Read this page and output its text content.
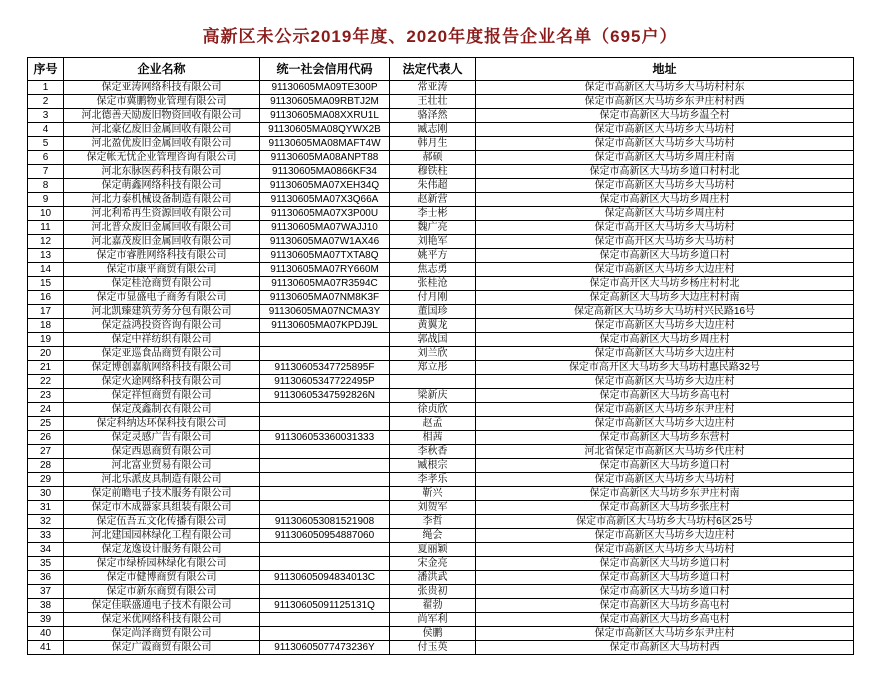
高新区未公示2019年度、2020年度报告企业名单（695户）
序号	企业名称	统一社会信用代码	法定代表人	地址
1	保定亚涛网络科技有限公司	91130605MA09TE300P	常亚涛	保定市高新区大马坊乡大马坊村村东
2	保定市冀鹏物业管理有限公司	91130605MA09RBTJ2M	王壮壮	保定市高新区大马坊乡东尹庄村村西
3	河北德善天励废旧物资回收有限公司	91130605MA08XXRU1L	骆泽然	保定市高新区大马坊乡温仝村
4	河北豪亿废旧金属回收有限公司	91130605MA08QYWX2B	臧志刚	保定市高新区大马坊乡大马坊村
5	河北盈优废旧金属回收有限公司	91130605MA08MAFT4W	韩月生	保定市高新区大马坊乡大马坊村
6	保定帐无忧企业管理咨询有限公司	91130605MA08ANPT88	郝硕	保定市高新区大马坊乡周庄村南
7	河北东脉医药科技有限公司	91130605MA0866KF34	穆铁柱	保定市高新区大马坊乡道口村村北
8	保定萌鑫网络科技有限公司	91130605MA07XEH34Q	朱伟超	保定市高新区大马坊乡大马坊村
9	河北力泰机械设备制造有限公司	91130605MA07X3Q66A	赵新营	保定市高新区大马坊乡周庄村
10	河北利希再生资源回收有限公司	91130605MA07X3P00U	李士彬	保定高新区大马坊乡周庄村
11	河北普众废旧金属回收有限公司	91130605MA07WAJJ10	魏广亮	保定市高开区大马坊乡大马坊村
12	河北嘉茂废旧金属回收有限公司	91130605MA07W1AX46	刘艳军	保定市高开区大马坊乡大马坊村
13	保定市睿胜网络科技有限公司	91130605MA07TXTA8Q	姚平方	保定市高新区大马坊乡道口村
14	保定市康平商贸有限公司	91130605MA07RY660M	焦志勇	保定市高新区大马坊乡大边庄村
15	保定桂沧商贸有限公司	91130605MA07R3594C	张桂沧	保定市高开区大马坊乡杨庄村村北
16	保定市显盛电子商务有限公司	91130605MA07NM8K3F	付月刚	保定高新区大马坊乡大边庄村村南
17	河北凯臻建筑劳务分包有限公司	91130605MA07NCMA3Y	董国珍	保定高新区大马坊乡大马坊村兴民路16号
18	保定益鸿投资咨询有限公司	91130605MA07KPDJ9L	黄翼龙	保定市高新区大马坊乡大边庄村
19	保定中祥纺织有限公司		郭战国	保定市高新区大马坊乡周庄村
20	保定亚巡食品商贸有限公司		刘兰欣	保定市高新区大马坊乡大边庄村
21	保定博创嘉航网络科技有限公司	91130605347725895F	郑立彤	保定市高开区大马坊乡大马坊村惠民路32号
22	保定火途网络科技有限公司	91130605347722495P		保定市高新区大马坊乡大边庄村
23	保定祥恒商贸有限公司	91130605347592826N	梁新庆	保定市高新区大马坊乡高屯村
24	保定茂鑫制衣有限公司		徐贞欣	保定市高新区大马坊乡东尹庄村
25	保定科纳达环保科技有限公司		赵孟	保定市高新区大马坊乡大边庄村
26	保定灵感广告有限公司	911306053360031333	相茜	保定市高新区大马坊乡东营村
27	保定西恩商贸有限公司		李秋香	河北省保定市高新区大马坊乡代庄村
28	河北富业贸易有限公司		臧根宗	保定市高新区大马坊乡道口村
29	河北乐派皮具制造有限公司		李孝乐	保定市高新区大马坊乡大马坊村
30	保定前瞻电子技术服务有限公司		靳兴	保定市高新区大马坊乡东尹庄村南
31	保定市木成器家具组装有限公司		刘贺军	保定市高新区大马坊乡张庄村
32	保定伍吾五文化传播有限公司	911306053081521908	李哲	保定市高新区大马坊乡大马坊村6区25号
33	河北建国园林绿化工程有限公司	911306050954887060	绳会	保定市高新区大马坊乡大边庄村
34	保定龙逸设计服务有限公司		夏丽颖	保定市高新区大马坊乡大马坊村
35	保定市绿桥园林绿化有限公司		宋金亮	保定市高新区大马坊乡道口村
36	保定市健博商贸有限公司	91130605094834013C	潘洪武	保定市高新区大马坊乡道口村
37	保定市新东商贸有限公司		张贵初	保定市高新区大马坊乡道口村
38	保定佳联盛通电子技术有限公司	91130605091125131Q	翟勃	保定市高新区大马坊乡高屯村
39	保定米优网络科技有限公司		尚军利	保定市高新区大马坊乡高屯村
40	保定尚泽商贸有限公司		侯鹏	保定市高新区大马坊乡东尹庄村
41	保定广霞商贸有限公司	91130605077473236Y	付玉英	保定市高新区大马坊村西
